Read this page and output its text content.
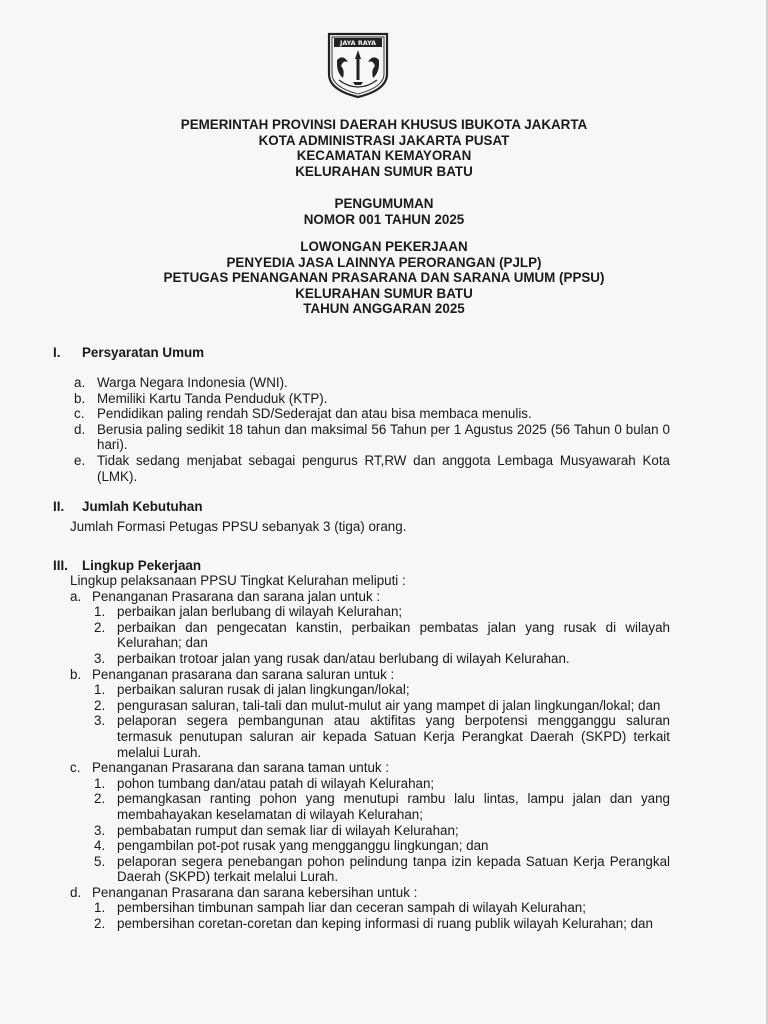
JAYA RAYA
PEMERINTAH PROVINSI DAERAH KHUSUS IBUKOTA JAKARTA
KOTA ADMINISTRASI JAKARTA PUSAT
KECAMATAN KEMAYORAN
KELURAHAN SUMUR BATU
PENGUMUMAN
NOMOR 001 TAHUN 2025
LOWONGAN PEKERJAAN
PENYEDIA JASA LAINNYA PERORANGAN (PJLP)
PETUGAS PENANGANAN PRASARANA DAN SARANA UMUM (PPSU)
KELURAHAN SUMUR BATU
TAHUN ANGGARAN 2025
I. Persyaratan Umum
a. Warga Negara Indonesia (WNI).
b. Memiliki Kartu Tanda Penduduk (KTP).
c. Pendidikan paling rendah SD/Sederajat dan atau bisa membaca menulis.
d. Berusia paling sedikit 18 tahun dan maksimal 56 Tahun per 1 Agustus 2025 (56 Tahun 0 bulan 0 hari).
e. Tidak sedang menjabat sebagai pengurus RT,RW dan anggota Lembaga Musyawarah Kota (LMK).
II. Jumlah Kebutuhan
Jumlah Formasi Petugas PPSU sebanyak 3 (tiga) orang.
III. Lingkup Pekerjaan
Lingkup pelaksanaan PPSU Tingkat Kelurahan meliputi :
a. Penanganan Prasarana dan sarana jalan untuk :
1. perbaikan jalan berlubang di wilayah Kelurahan;
2. perbaikan dan pengecatan kanstin, perbaikan pembatas jalan yang rusak di wilayah Kelurahan; dan
3. perbaikan trotoar jalan yang rusak dan/atau berlubang di wilayah Kelurahan.
b. Penanganan prasarana dan sarana saluran untuk :
1. perbaikan saluran rusak di jalan lingkungan/lokal;
2. pengurasan saluran, tali-tali dan mulut-mulut air yang mampet di jalan lingkungan/lokal; dan
3. pelaporan segera pembangunan atau aktifitas yang berpotensi mengganggu saluran termasuk penutupan saluran air kepada Satuan Kerja Perangkat Daerah (SKPD) terkait melalui Lurah.
c. Penanganan Prasarana dan sarana taman untuk :
1. pohon tumbang dan/atau patah di wilayah Kelurahan;
2. pemangkasan ranting pohon yang menutupi rambu lalu lintas, lampu jalan dan yang membahayakan keselamatan di wilayah Kelurahan;
3. pembabatan rumput dan semak liar di wilayah Kelurahan;
4. pengambilan pot-pot rusak yang mengganggu lingkungan; dan
5. pelaporan segera penebangan pohon pelindung tanpa izin kepada Satuan Kerja Perangkal Daerah (SKPD) terkait melalui Lurah.
d. Penanganan Prasarana dan sarana kebersihan untuk :
1. pembersihan timbunan sampah liar dan ceceran sampah di wilayah Kelurahan;
2. pembersihan coretan-coretan dan keping informasi di ruang publik wilayah Kelurahan; dan
